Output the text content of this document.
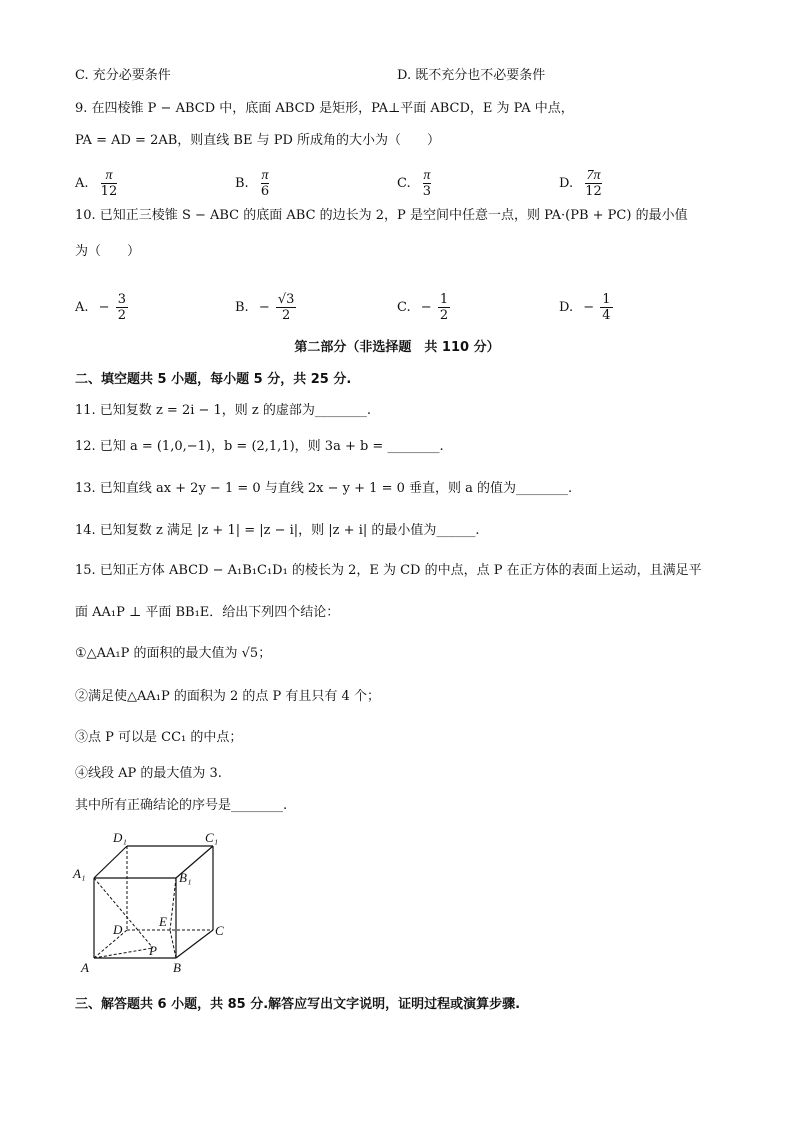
C. 充分必要条件	D. 既不充分也不必要条件
9. 在四棱锥 P − ABCD 中，底面 ABCD 是矩形，PA⊥平面 ABCD，E 为 PA 中点，
PA = AD = 2AB，则直线 BE 与 PD 所成角的大小为（　　）
A. $\frac{\pi}{12}$	B. $\frac{\pi}{6}$	C. $\frac{\pi}{3}$	D. $\frac{7\pi}{12}$
10. 已知正三棱锥 S − ABC 的底面 ABC 的边长为 2，P 是空间中任意一点，则 PA·(PB + PC) 的最小值
为（　　）
A. − $\frac{3}{2}$	B. − $\frac{√3}{2}$	C. − $\frac{1}{2}$	D. − $\frac{1}{4}$
第二部分（非选择题　共 110 分）
二、填空题共 5 小题，每小题 5 分，共 25 分.
11. 已知复数 z = 2i − 1，则 z 的虚部为________.
12. 已知 a = (1,0,−1)，b = (2,1,1)，则 3a + b = ________.
13. 已知直线 ax + 2y − 1 = 0 与直线 2x − y + 1 = 0 垂直，则 a 的值为________.
14. 已知复数 z 满足 |z + 1| = |z − i|，则 |z + i| 的最小值为______.
15. 已知正方体 ABCD − A₁B₁C₁D₁ 的棱长为 2，E 为 CD 的中点，点 P 在正方体的表面上运动，且满足平
面 AA₁P ⊥ 平面 BB₁E．给出下列四个结论：
①△AA₁P 的面积的最大值为 √5；
②满足使△AA₁P 的面积为 2 的点 P 有且只有 4 个；
③点 P 可以是 CC₁ 的中点；
④线段 AP 的最大值为 3.
其中所有正确结论的序号是________.
D₁	C₁
A₁	B₁
D	C
A	B
E
P
三、解答题共 6 小题，共 85 分.解答应写出文字说明，证明过程或演算步骤.
